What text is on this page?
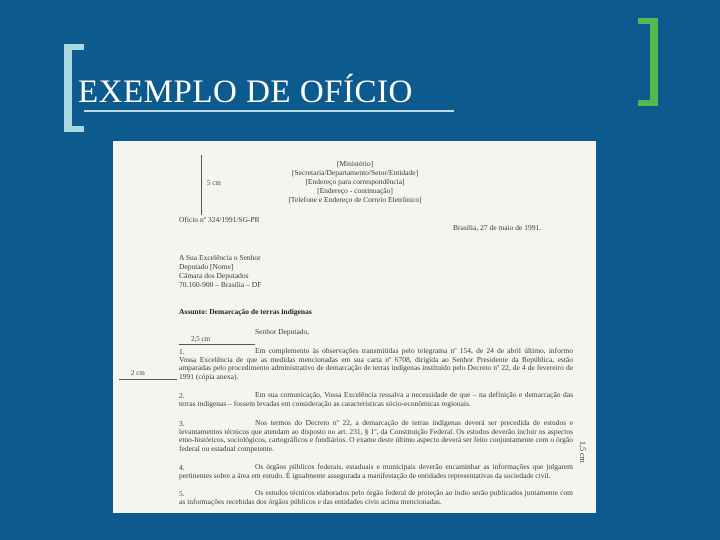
EXEMPLO DE OFÍCIO
[Ministério]
[Secretaria/Departamento/Setor/Entidade]
[Endereço para correspondência]
[Endereço - continuação]
[Telefone e Endereço de Correio Eletrônico]
5 cm
Ofício nº 324/1991/SG-PR
Brasília, 27 de maio de 1991.
A Sua Excelência o Senhor
Deputado [Nome]
Câmara dos Deputados
70.160-900 – Brasília – DF
Assunto: Demarcação de terras indígenas
2,5 cm
Senhor Deputado,
2 cm
1.	Em complemento às observações transmitidas pelo telegrama nº 154, de 24 de abril último, informo Vossa Excelência de que as medidas mencionadas em sua carta nº 6708, dirigida ao Senhor Presidente da República, estão amparadas pelo procedimento administrativo de demarcação de terras indígenas instituído pelo Decreto nº 22, de 4 de fevereiro de 1991 (cópia anexa).
2.	Em sua comunicação, Vossa Excelência ressalva a necessidade de que – na definição e demarcação das terras indígenas – fossem levadas em consideração as características sócio-econômicas regionais.
3.	Nos termos do Decreto nº 22, a demarcação de terras indígenas deverá ser precedida de estudos e levantamentos técnicos que atendam ao disposto no art. 231, § 1º, da Constituição Federal. Os estudos deverão incluir os aspectos etno-históricos, sociológicos, cartográficos e fundiários. O exame deste último aspecto deverá ser feito conjuntamente com o órgão federal ou estadual competente.
4.	Os órgãos públicos federais, estaduais e municipais deverão encaminhar as informações que julgarem pertinentes sobre a área em estudo. É igualmente assegurada a manifestação de entidades representativas da sociedade civil.
5.	Os estudos técnicos elaborados pelo órgão federal de proteção ao índio serão publicados juntamente com as informações recebidas dos órgãos públicos e das entidades civis acima mencionadas.
1,5 cm
